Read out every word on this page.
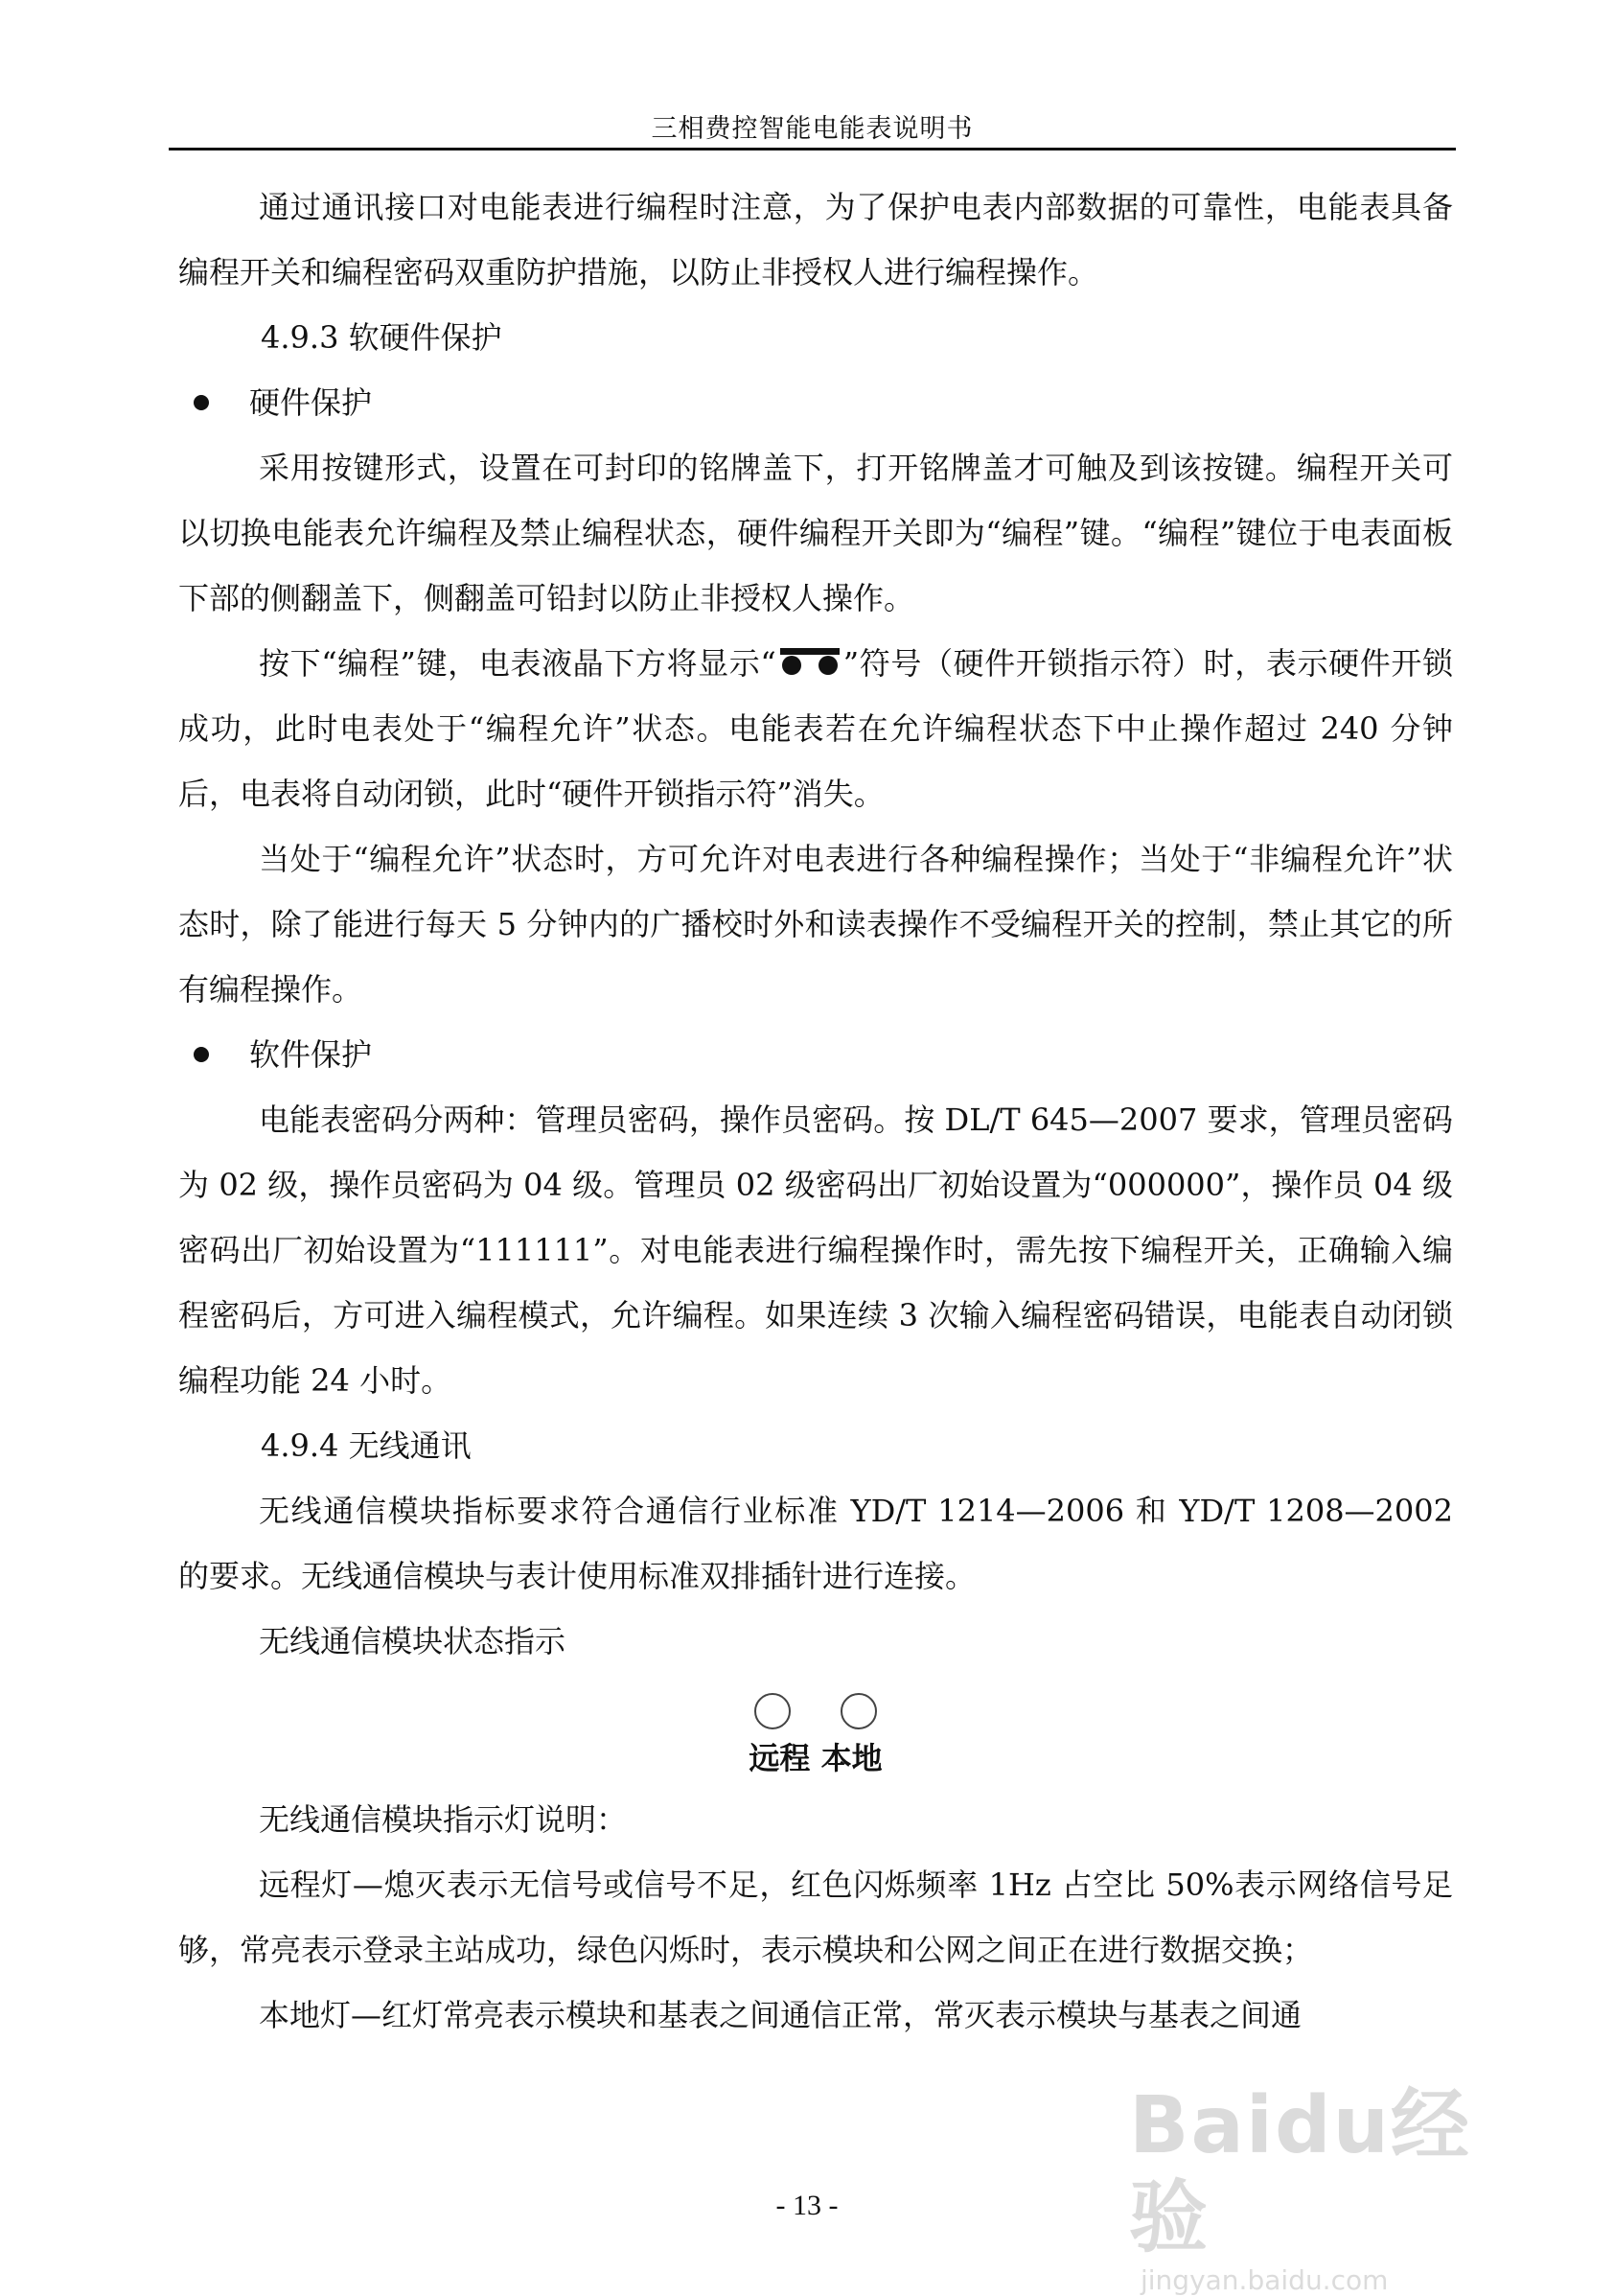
三相费控智能电能表说明书

通过通讯接口对电能表进行编程时注意，为了保护电表内部数据的可靠性，电能表具备编程开关和编程密码双重防护措施，以防止非授权人进行编程操作。

4.9.3 软硬件保护

硬件保护

采用按键形式，设置在可封印的铭牌盖下，打开铭牌盖才可触及到该按键。编程开关可以切换电能表允许编程及禁止编程状态，硬件编程开关即为“编程”键。“编程”键位于电表面板下部的侧翻盖下，侧翻盖可铅封以防止非授权人操作。

按下“编程”键，电表液晶下方将显示“ ”符号（硬件开锁指示符）时，表示硬件开锁成功，此时电表处于“编程允许”状态。电能表若在允许编程状态下中止操作超过 240 分钟后，电表将自动闭锁，此时“硬件开锁指示符”消失。

当处于“编程允许”状态时，方可允许对电表进行各种编程操作；当处于“非编程允许”状态时，除了能进行每天 5 分钟内的广播校时外和读表操作不受编程开关的控制，禁止其它的所有编程操作。

软件保护

电能表密码分两种：管理员密码，操作员密码。按 DL/T 645—2007 要求，管理员密码为 02 级，操作员密码为 04 级。管理员 02 级密码出厂初始设置为“000000”，操作员 04 级密码出厂初始设置为“111111”。对电能表进行编程操作时，需先按下编程开关，正确输入编程密码后，方可进入编程模式，允许编程。如果连续 3 次输入编程密码错误，电能表自动闭锁编程功能 24 小时。

4.9.4 无线通讯

无线通信模块指标要求符合通信行业标准 YD/T 1214—2006 和 YD/T 1208—2002 的要求。无线通信模块与表计使用标准双排插针进行连接。

无线通信模块状态指示

远程 本地

无线通信模块指示灯说明：

远程灯—熄灭表示无信号或信号不足，红色闪烁频率 1Hz 占空比 50%表示网络信号足够，常亮表示登录主站成功，绿色闪烁时，表示模块和公网之间正在进行数据交换；

本地灯—红灯常亮表示模块和基表之间通信正常，常灭表示模块与基表之间通

Baidu经验
jingyan.baidu.com
- 13 -
